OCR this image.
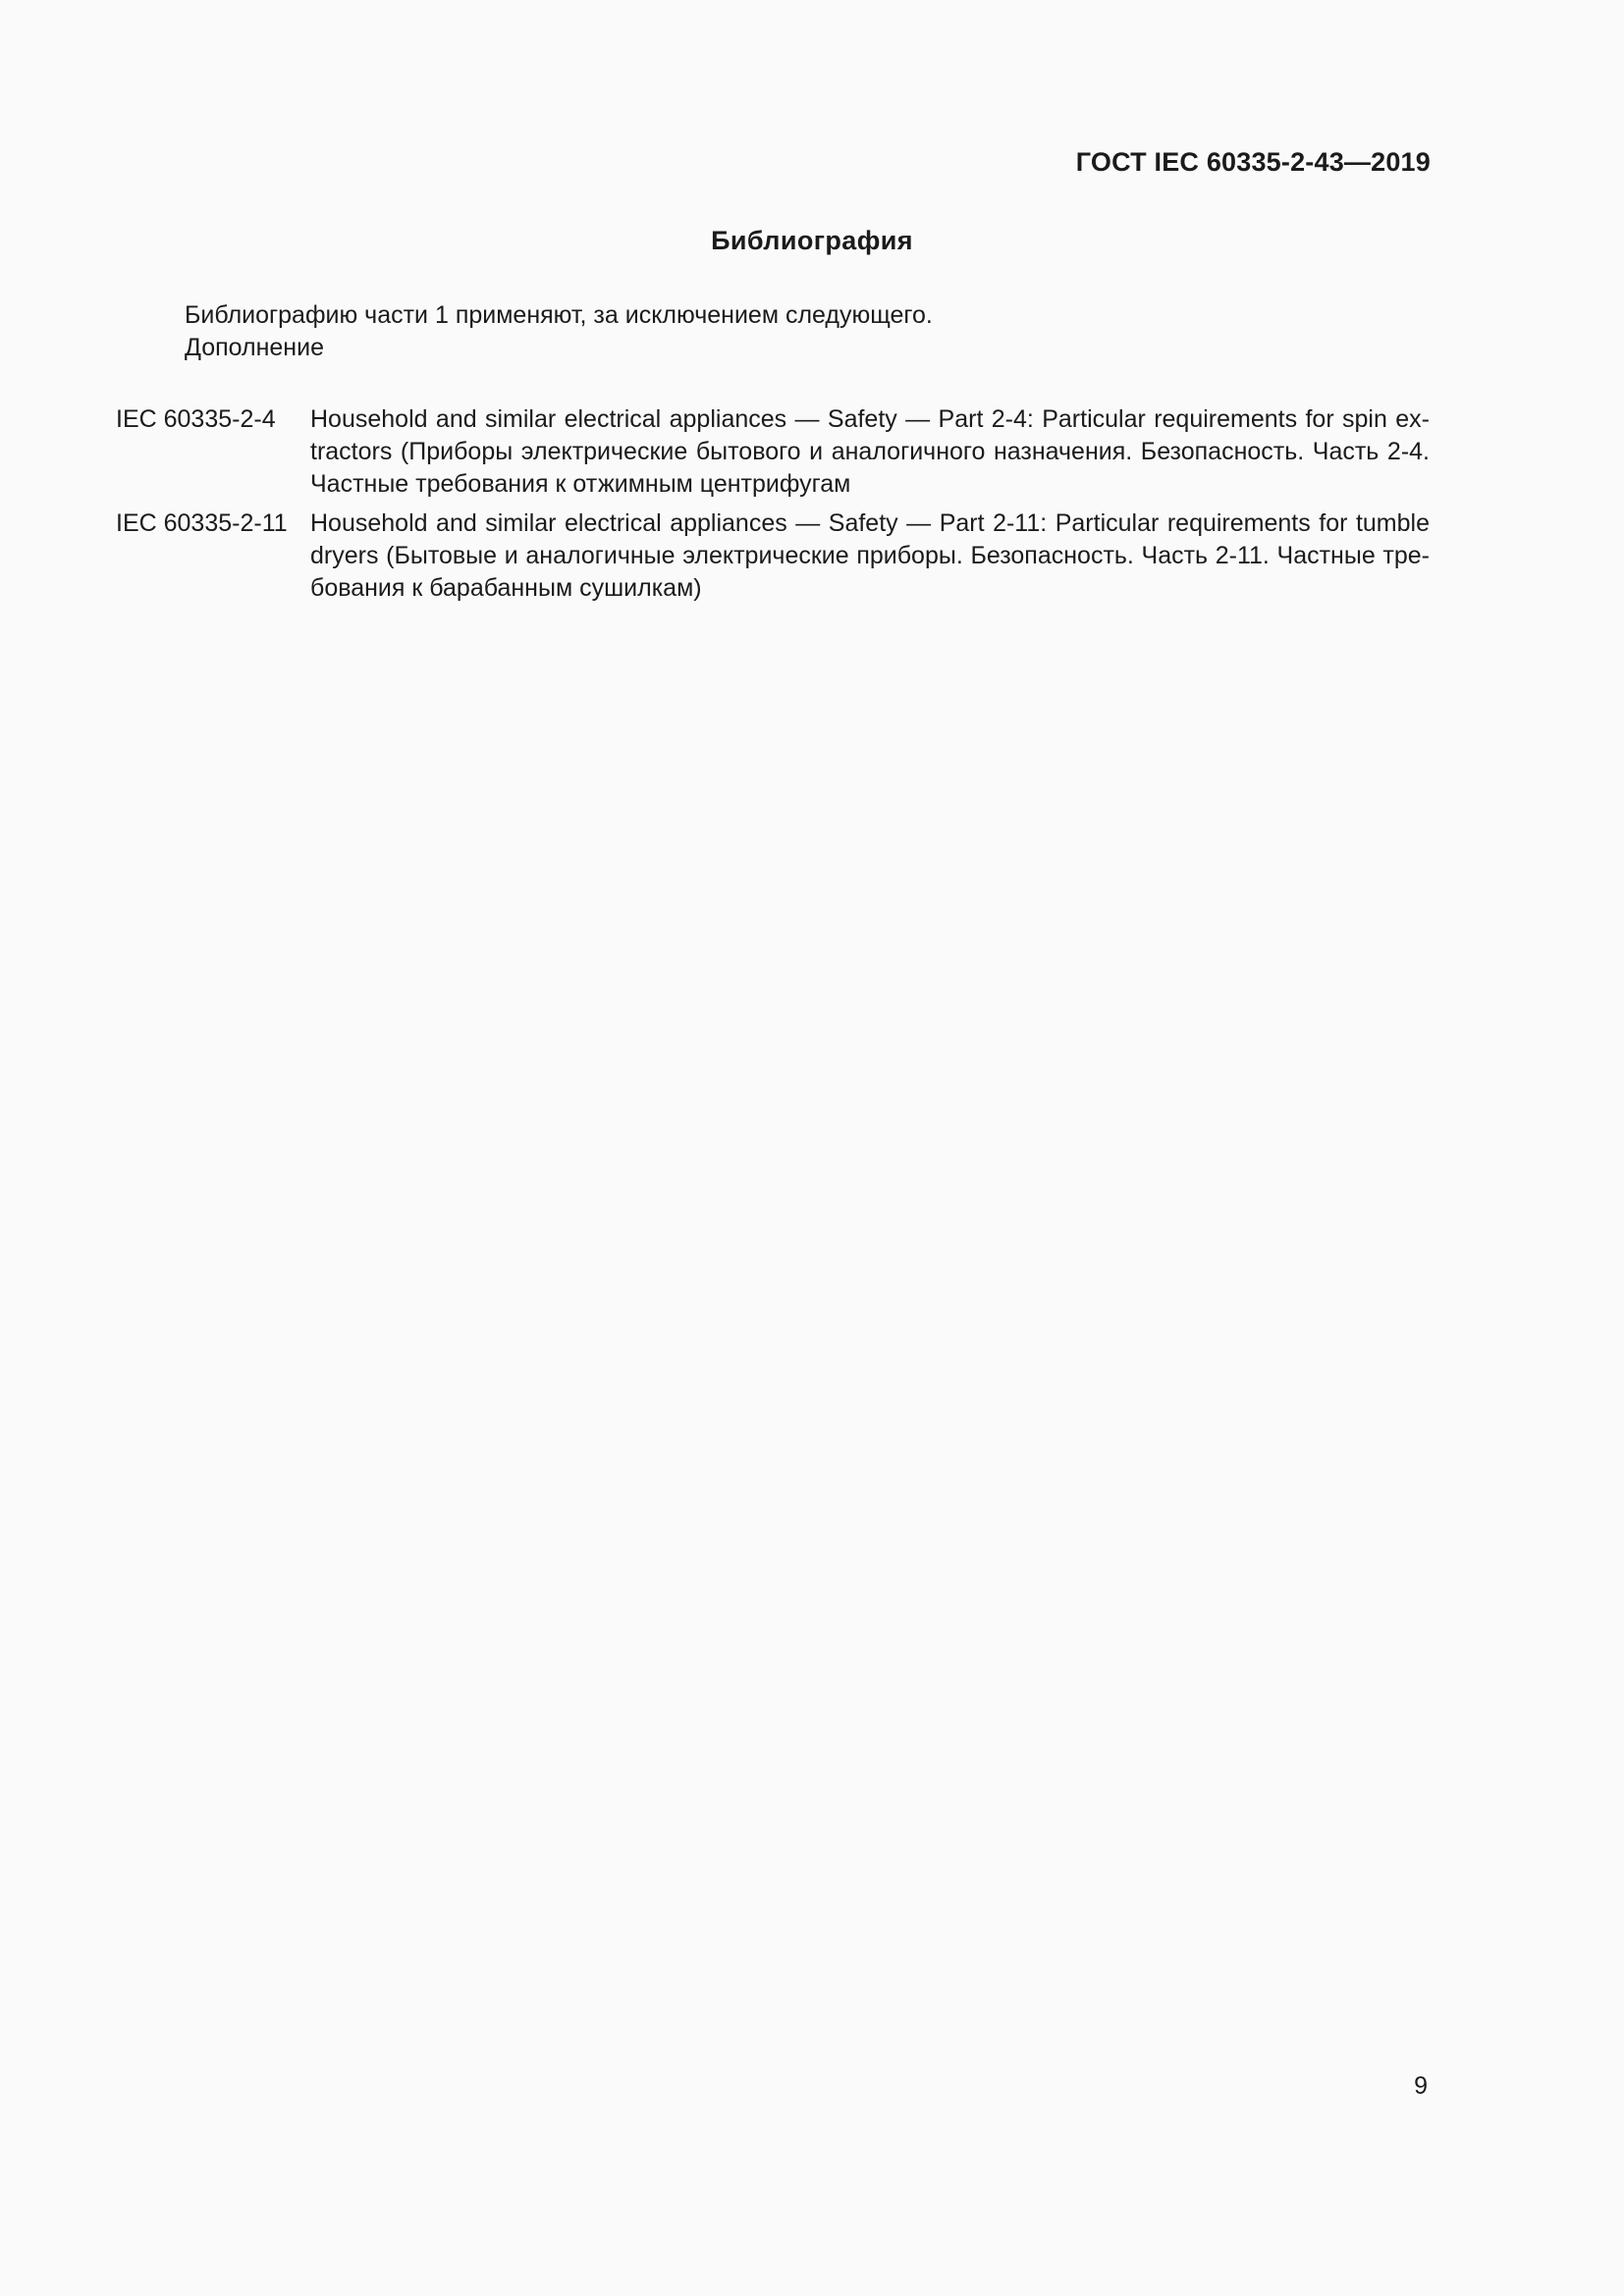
ГОСТ IEC 60335-2-43—2019
Библиография
Библиографию части 1 применяют, за исключением следующего.
Дополнение
IEC 60335-2-4	Household and similar electrical appliances — Safety — Part 2-4: Particular requirements for spin extractors (Приборы электрические бытового и аналогичного назначения. Безопасность. Часть 2-4. Частные требования к отжимным центрифугам
IEC 60335-2-11 Household and similar electrical appliances — Safety — Part 2-11: Particular requirements for tumble dryers (Бытовые и аналогичные электрические приборы. Безопасность. Часть 2-11. Частные требования к барабанным сушилкам)
9
